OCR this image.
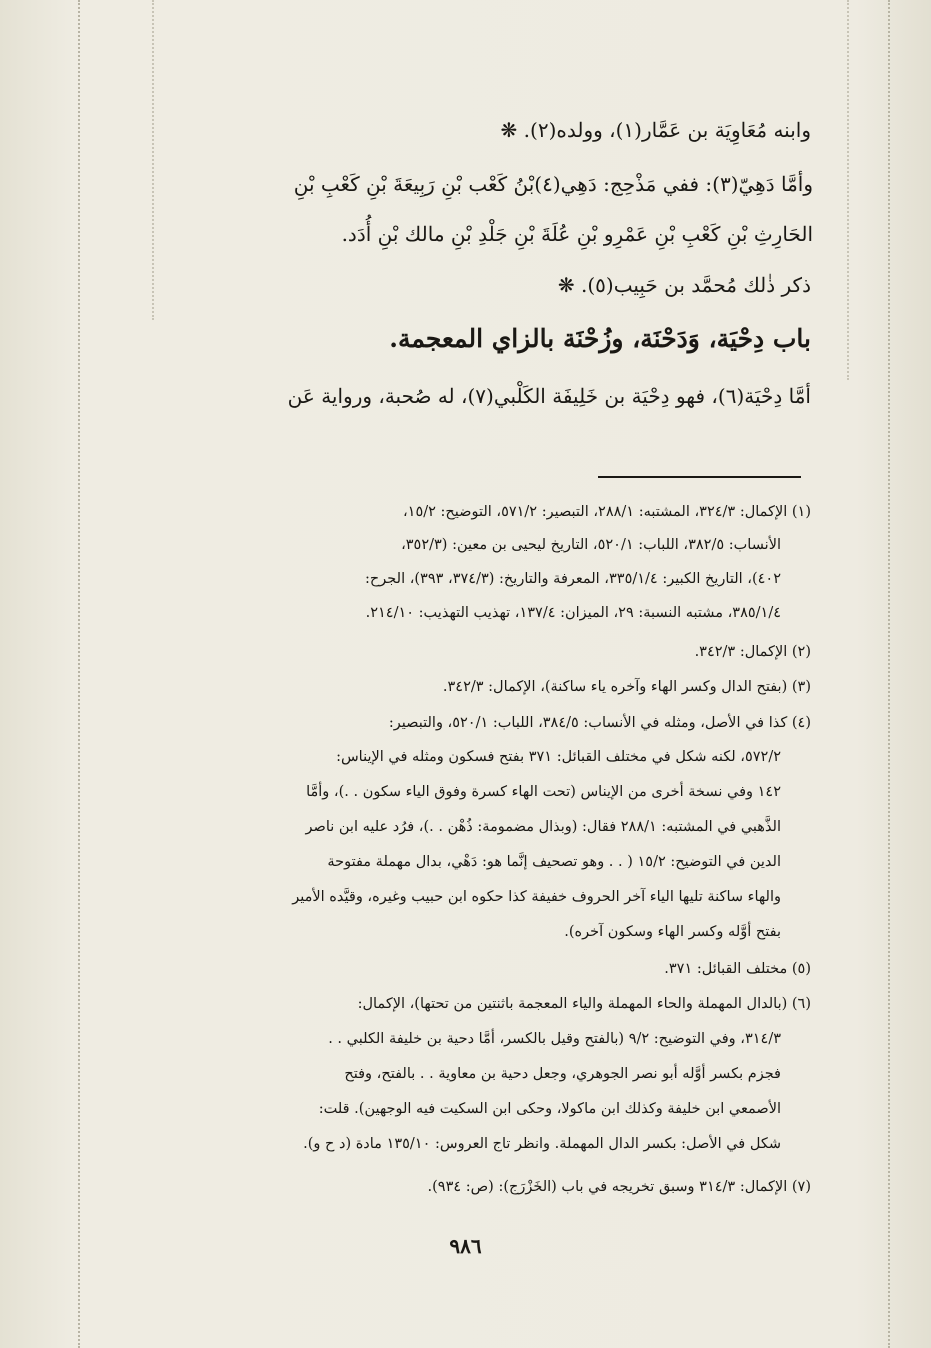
وابنه مُعَاوِيَة بن عَمَّار(١)، وولده(٢). ❋
وأمَّا دَهِيّ(٣): ففي مَذْحِج: دَهِي(٤)بْنُ كَعْب بْنِ رَبِيعَةَ بْنِ كَعْبِ بْنِ
الحَارِثِ بْنِ كَعْبِ بْنِ عَمْرِو بْنِ عُلَةَ بْنِ جَلْدِ بْنِ مالك بْنِ أُدَد.
ذكر ذٰلك مُحمَّد بن حَبِيب(٥). ❋
باب دِحْيَة، وَدَحْنَة، وزُحْنَة بالزاي المعجمة.
أمَّا دِحْيَة(٦)، فهو دِحْيَة بن خَلِيفَة الكَلْبي(٧)، له صُحبة، ورواية عَن
(١) الإكمال: ٣٢٤/٣، المشتبه: ٢٨٨/١، التبصير: ٥٧١/٢، التوضيح: ١٥/٢،
الأنساب: ٣٨٢/٥، اللباب: ٥٢٠/١، التاريخ ليحيى بن معين: (٣٥٢/٣،
٤٠٢)، التاريخ الكبير: ٣٣٥/١/٤، المعرفة والتاريخ: (٣٧٤/٣، ٣٩٣)، الجرح:
٣٨٥/١/٤، مشتبه النسبة: ٢٩، الميزان: ١٣٧/٤، تهذيب التهذيب: ٢١٤/١٠.
(٢) الإكمال: ٣٤٢/٣.
(٣) (بفتح الدال وكسر الهاء وآخره ياء ساكنة)، الإكمال: ٣٤٢/٣.
(٤) كذا في الأصل، ومثله في الأنساب: ٣٨٤/٥، اللباب: ٥٢٠/١، والتبصير:
٥٧٢/٢، لكنه شكل في مختلف القبائل: ٣٧١ بفتح فسكون ومثله في الإيناس:
١٤٢ وفي نسخة أخرى من الإيناس (تحت الهاء كسرة وفوق الياء سكون . .)، وأمَّا
الذَّهبي في المشتبه: ٢٨٨/١ فقال: (وبذال مضمومة: ذُهْن . .)، فرُد عليه ابن ناصر
الدين في التوضيح: ١٥/٢ ( . . وهو تصحيف إنَّما هو: دَهْي، بدال مهملة مفتوحة
والهاء ساكنة تليها الياء آخر الحروف خفيفة كذا حكوه ابن حبيب وغيره، وقيَّده الأمير
بفتح أوَّله وكسر الهاء وسكون آخره).
(٥) مختلف القبائل: ٣٧١.
(٦) (بالدال المهملة والحاء المهملة والياء المعجمة باثنتين من تحتها)، الإكمال:
٣١٤/٣، وفي التوضيح: ٩/٢ (بالفتح وقيل بالكسر، أمَّا دحية بن خليفة الكلبي . .
فجزم بكسر أوَّله أبو نصر الجوهري، وجعل دحية بن معاوية . . بالفتح، وفتح
الأصمعي ابن خليفة وكذلك ابن ماكولا، وحكى ابن السكيت فيه الوجهين). قلت:
شكل في الأصل: بكسر الدال المهملة. وانظر تاج العروس: ١٣٥/١٠ مادة (د ح و).
(٧) الإكمال: ٣١٤/٣ وسبق تخريجه في باب (الخَزْرَج): (ص: ٩٣٤).
٩٨٦
